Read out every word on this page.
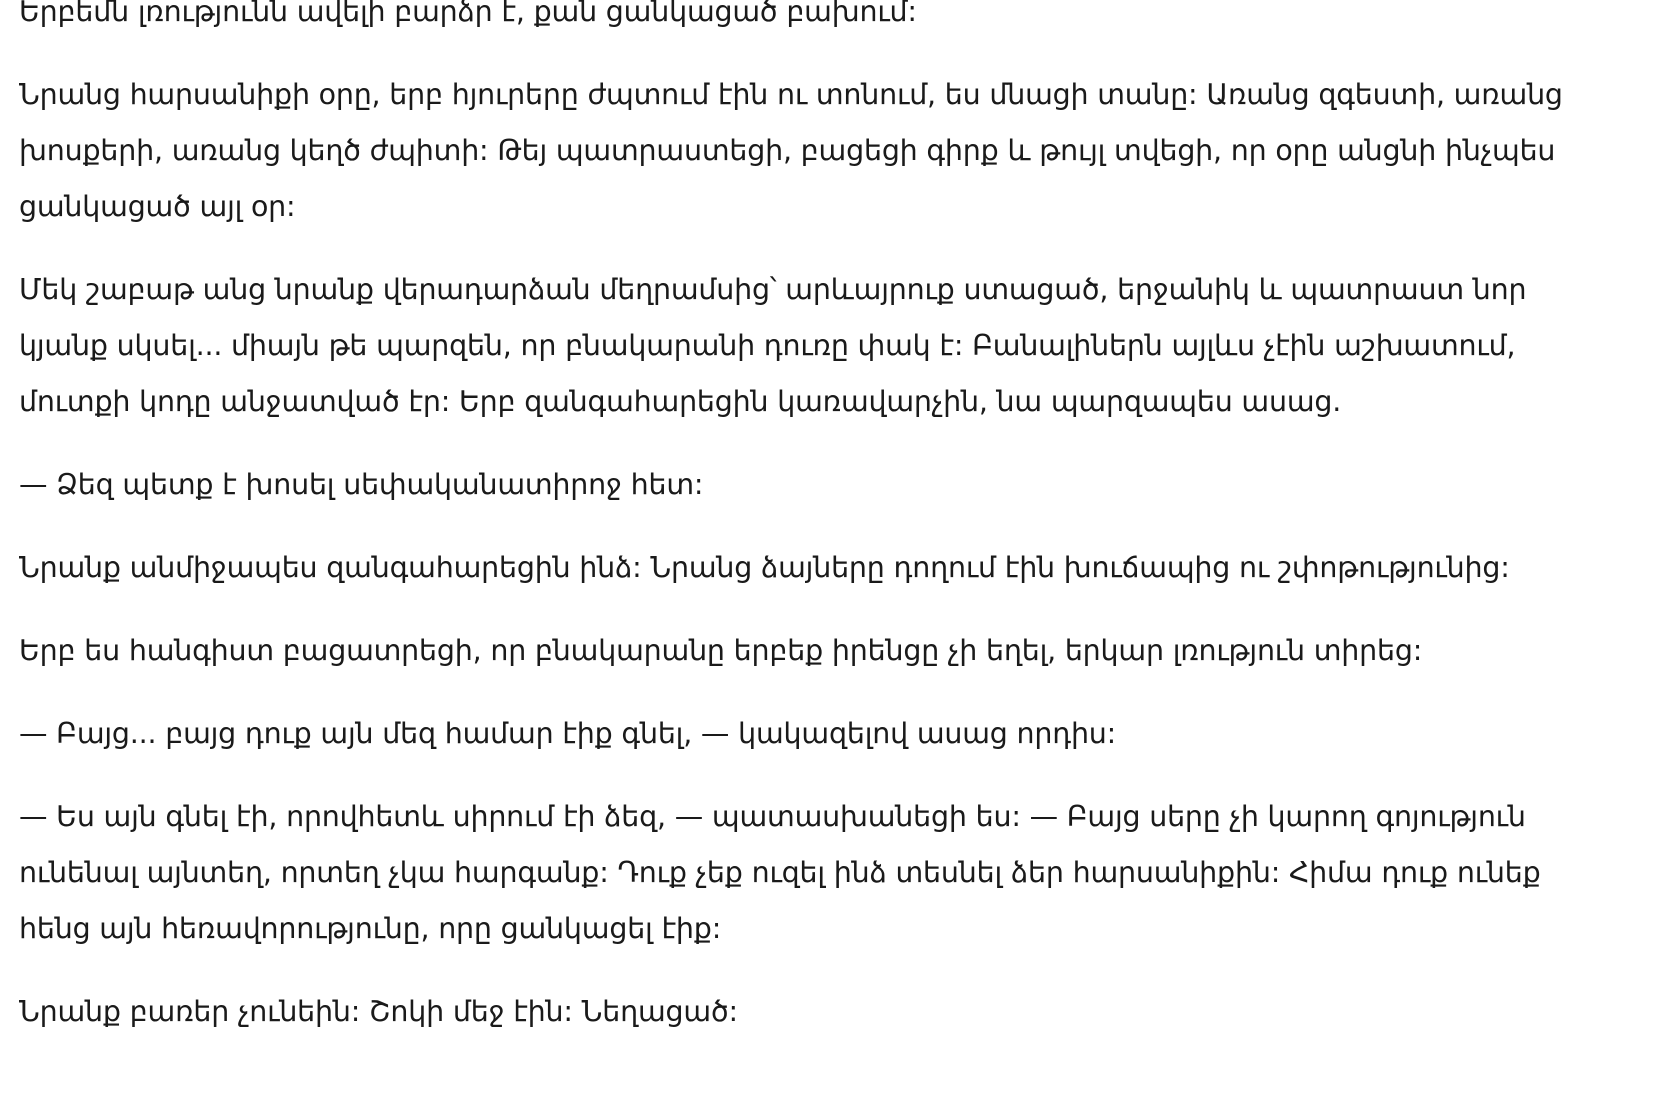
Երբեմն լռությունն ավելի բարձր է, քան ցանկացած բախում:

Նրանց հարսանիքի օրը, երբ հյուրերը ժպտում էին ու տոնում, ես մնացի տանը: Առանց զգեստի, առանց խոսքերի, առանց կեղծ ժպիտի: Թեյ պատրաստեցի, բացեցի գիրք և թույլ տվեցի, որ օրը անցնի ինչպես ցանկացած այլ օր:

Մեկ շաբաթ անց նրանք վերադարձան մեղրամսից՝ արևայրուք ստացած, երջանիկ և պատրաստ նոր կյանք սկսել... միայն թե պարզեն, որ բնակարանի դուռը փակ է: Բանալիներն այլևս չէին աշխատում, մուտքի կոդը անջատված էր: Երբ զանգահարեցին կառավարչին, նա պարզապես ասաց.

— Ձեզ պետք է խոսել սեփականատիրոջ հետ:

Նրանք անմիջապես զանգահարեցին ինձ: Նրանց ձայները դողում էին խուճապից ու շփոթությունից:

Երբ ես հանգիստ բացատրեցի, որ բնակարանը երբեք իրենցը չի եղել, երկար լռություն տիրեց:

— Բայց... բայց դուք այն մեզ համար էիք գնել, — կակազելով ասաց որդիս:

— Ես այն գնել էի, որովհետև սիրում էի ձեզ, — պատասխանեցի ես: — Բայց սերը չի կարող գոյություն ունենալ այնտեղ, որտեղ չկա հարգանք: Դուք չեք ուզել ինձ տեսնել ձեր հարսանիքին: Հիմա դուք ունեք հենց այն հեռավորությունը, որը ցանկացել էիք:

Նրանք բառեր չունեին: Շոկի մեջ էին: Նեղացած:
